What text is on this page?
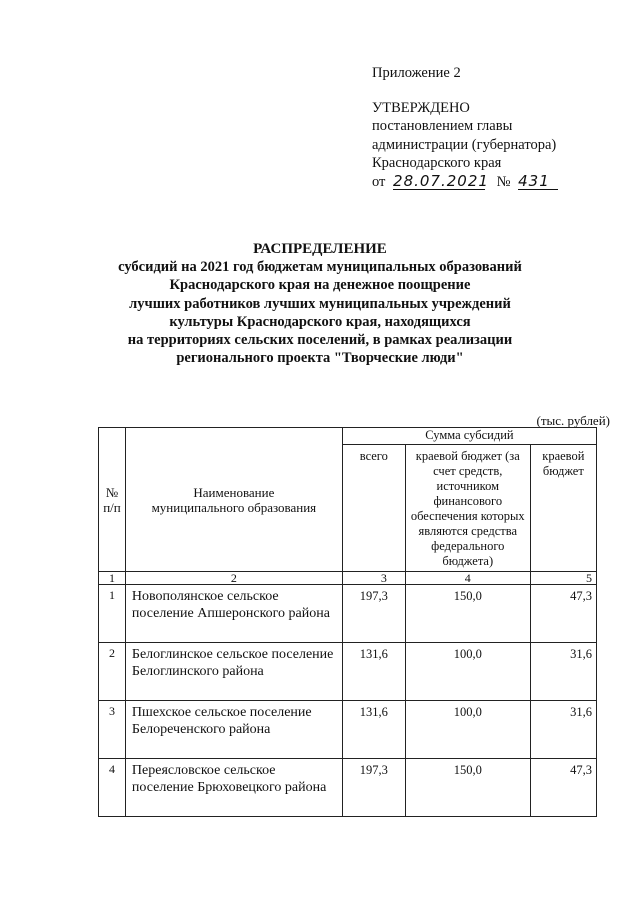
Приложение 2
УТВЕРЖДЕНО
постановлением главы
администрации (губернатора)
Краснодарского края
от 28.07.2021 № 431
РАСПРЕДЕЛЕНИЕ
субсидий на 2021 год бюджетам муниципальных образований
Краснодарского края на денежное поощрение
лучших работников лучших муниципальных учреждений
культуры Краснодарского края, находящихся
на территориях сельских поселений, в рамках реализации
регионального проекта "Творческие люди"
(тыс. рублей)
№ п/п	Наименование муниципального образования	Сумма субсидий		
		всего	краевой бюджет (за счет средств, источником финансового обеспечения которых являются средства федерального бюджета)	краевой бюджет
1	2	3	4	5
1	Новополянское сельское поселение Апшеронского района	197,3	150,0	47,3
2	Белоглинское сельское поселение Белоглинского района	131,6	100,0	31,6
3	Пшехское сельское поселение Белореченского района	131,6	100,0	31,6
4	Переясловское сельское поселение Брюховецкого района	197,3	150,0	47,3
